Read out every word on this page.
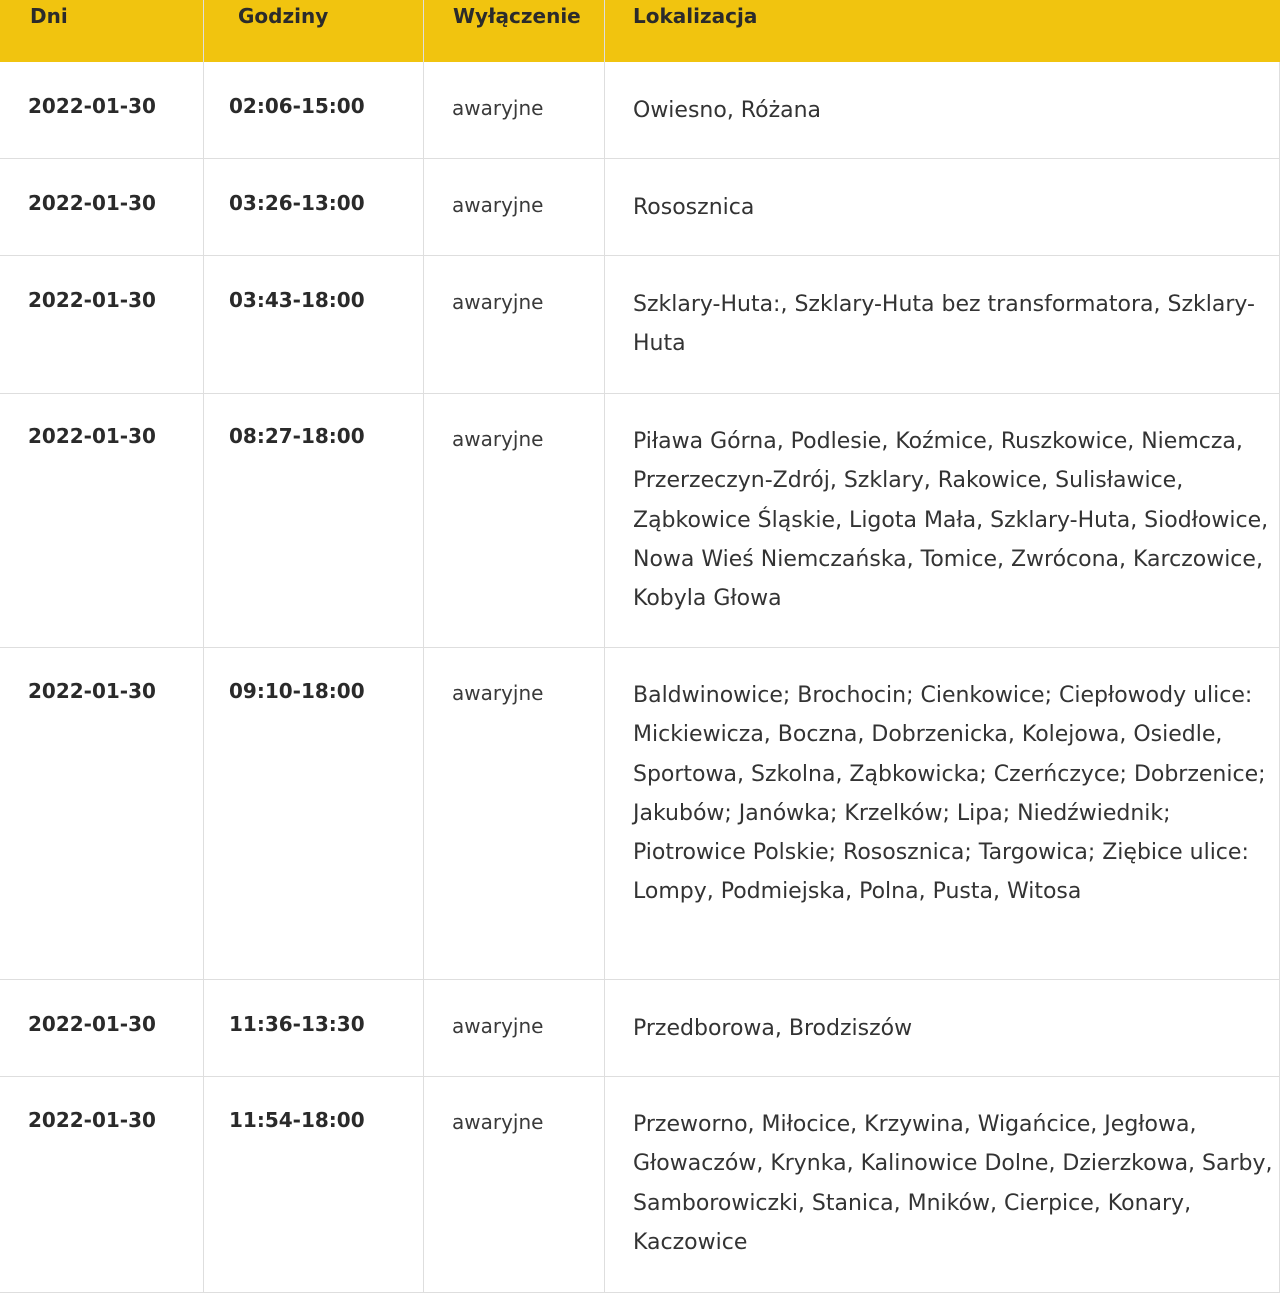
Dni	Godziny	Wyłączenie	Lokalizacja
2022-01-30	02:06-15:00	awaryjne	Owiesno, Różana
2022-01-30	03:26-13:00	awaryjne	Rososznica
2022-01-30	03:43-18:00	awaryjne	Szklary-Huta:, Szklary-Huta bez transformatora, Szklary-Huta
2022-01-30	08:27-18:00	awaryjne	Piława Górna, Podlesie, Koźmice, Ruszkowice, Niemcza, Przerzeczyn-Zdrój, Szklary, Rakowice, Sulisławice, Ząbkowice Śląskie, Ligota Mała, Szklary-Huta, Siodłowice, Nowa Wieś Niemczańska, Tomice, Zwrócona, Karczowice, Kobyla Głowa
2022-01-30	09:10-18:00	awaryjne	Baldwinowice; Brochocin; Cienkowice; Ciepłowody ulice: Mickiewicza, Boczna, Dobrzenicka, Kolejowa, Osiedle, Sportowa, Szkolna, Ząbkowicka; Czerńczyce; Dobrzenice; Jakubów; Janówka; Krzelków; Lipa; Niedźwiednik; Piotrowice Polskie; Rososznica; Targowica; Ziębice ulice: Lompy, Podmiejska, Polna, Pusta, Witosa
2022-01-30	11:36-13:30	awaryjne	Przedborowa, Brodziszów
2022-01-30	11:54-18:00	awaryjne	Przeworno, Miłocice, Krzywina, Wigańcice, Jegłowa, Głowaczów, Krynka, Kalinowice Dolne, Dzierzkowa, Sarby, Samborowiczki, Stanica, Mników, Cierpice, Konary, Kaczowice
